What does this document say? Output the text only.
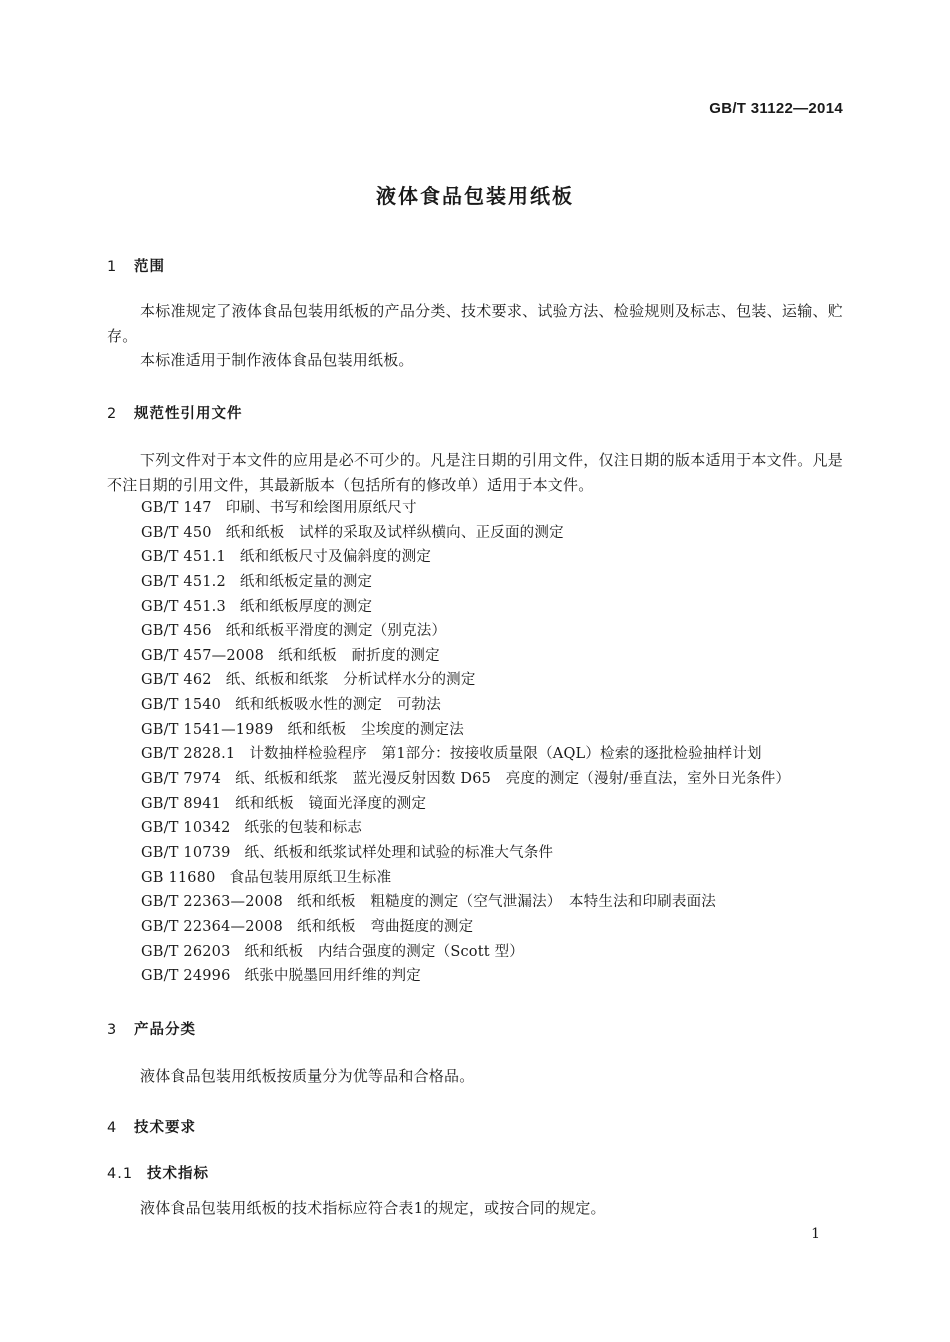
GB/T 31122—2014
液体食品包装用纸板
1 范围
本标准规定了液体食品包装用纸板的产品分类、技术要求、试验方法、检验规则及标志、包装、运输、贮存。
本标准适用于制作液体食品包装用纸板。
2 规范性引用文件
下列文件对于本文件的应用是必不可少的。凡是注日期的引用文件，仅注日期的版本适用于本文件。凡是不注日期的引用文件，其最新版本（包括所有的修改单）适用于本文件。
GB/T 147 印刷、书写和绘图用原纸尺寸
GB/T 450 纸和纸板　试样的采取及试样纵横向、正反面的测定
GB/T 451.1 纸和纸板尺寸及偏斜度的测定
GB/T 451.2 纸和纸板定量的测定
GB/T 451.3 纸和纸板厚度的测定
GB/T 456 纸和纸板平滑度的测定（别克法）
GB/T 457—2008 纸和纸板　耐折度的测定
GB/T 462 纸、纸板和纸浆　分析试样水分的测定
GB/T 1540 纸和纸板吸水性的测定　可勃法
GB/T 1541—1989 纸和纸板　尘埃度的测定法
GB/T 2828.1 计数抽样检验程序　第1部分：按接收质量限（AQL）检索的逐批检验抽样计划
GB/T 7974 纸、纸板和纸浆　蓝光漫反射因数 D65　亮度的测定（漫射/垂直法，室外日光条件）
GB/T 8941 纸和纸板　镜面光泽度的测定
GB/T 10342 纸张的包装和标志
GB/T 10739 纸、纸板和纸浆试样处理和试验的标准大气条件
GB 11680 食品包装用原纸卫生标准
GB/T 22363—2008 纸和纸板　粗糙度的测定（空气泄漏法）　本特生法和印刷表面法
GB/T 22364—2008 纸和纸板　弯曲挺度的测定
GB/T 26203 纸和纸板　内结合强度的测定（Scott 型）
GB/T 24996 纸张中脱墨回用纤维的判定
3 产品分类
液体食品包装用纸板按质量分为优等品和合格品。
4 技术要求
4.1 技术指标
液体食品包装用纸板的技术指标应符合表1的规定，或按合同的规定。
1
